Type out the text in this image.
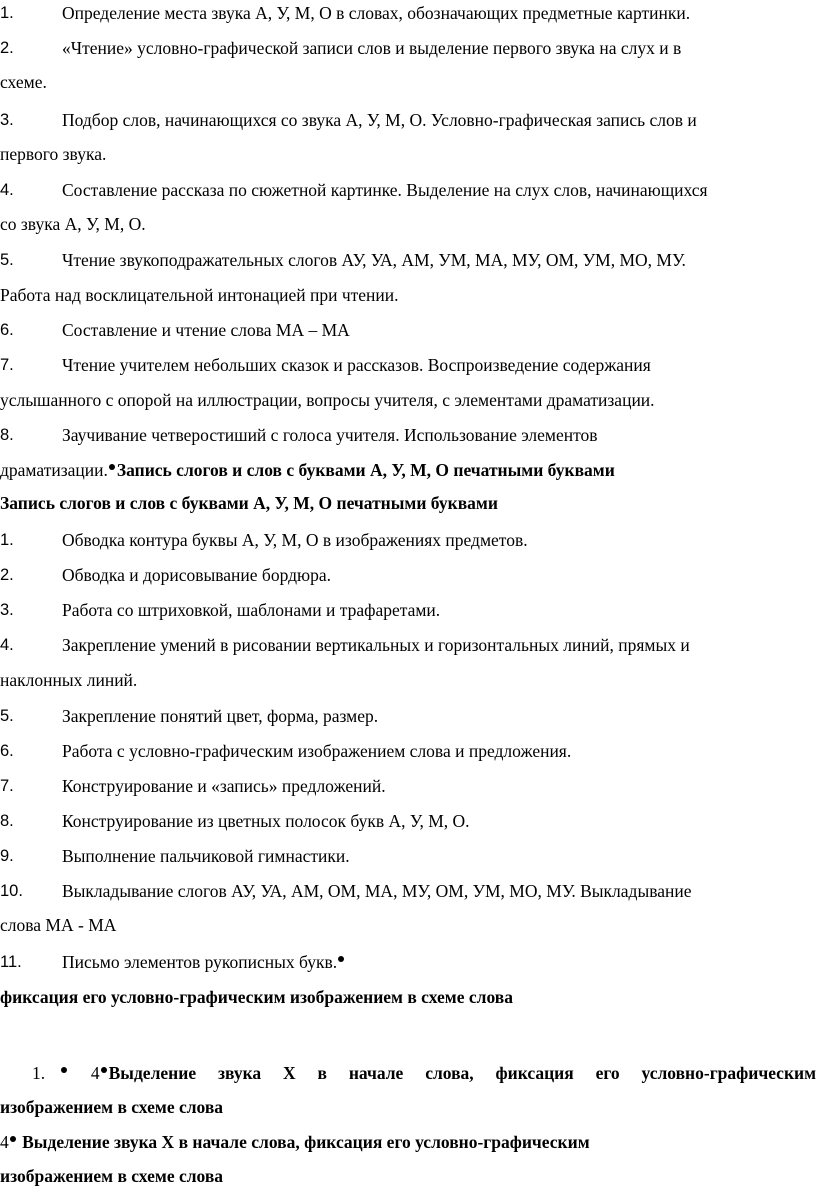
1.	Определение места звука А, У, М, О в словах, обозначающих предметные картинки.
2.	«Чтение» условно-графической записи слов и выделение первого звука на слух и в
схеме.
3.	Подбор слов, начинающихся со звука А, У, М, О. Условно-графическая запись слов и
первого звука.
4.	Составление рассказа по сюжетной картинке. Выделение на слух слов, начинающихся
со звука А, У, М, О.
5.	Чтение звукоподражательных слогов АУ, УА, АМ, УМ, МА, МУ, ОМ, УМ, МО, МУ.
Работа над восклицательной интонацией при чтении.
6.	Составление и чтение слова МА – МА
7.	Чтение учителем небольших сказок и рассказов. Воспроизведение содержания
услышанного с опорой на иллюстрации, вопросы учителя, с элементами драматизации.
8.	Заучивание четверостиший с голоса учителя. Использование элементов
драматизации. Запись слогов и слов с буквами А, У, М, О печатными буквами
Запись слогов и слов с буквами А, У, М, О печатными буквами
1.	Обводка контура буквы А, У, М, О в изображениях предметов.
2.	Обводка и дорисовывание бордюра.
3.	Работа со штриховкой, шаблонами и трафаретами.
4.	Закрепление умений в рисовании вертикальных и горизонтальных линий, прямых и
наклонных линий.
5.	Закрепление понятий цвет, форма, размер.
6.	Работа с условно-графическим изображением слова и предложения.
7.	Конструирование и «запись» предложений.
8.	Конструирование из цветных полосок букв А, У, М, О.
9.	Выполнение пальчиковой гимнастики.
10. Выкладывание слогов АУ, УА, АМ, ОМ, МА, МУ, ОМ, УМ, МО, МУ. Выкладывание
слова МА - МА
11. Письмо элементов рукописных букв.
фиксация его условно-графическим изображением в схеме слова
1.	4 Выделение звука Х в начале слова, фиксация его условно-графическим
изображением в схеме слова
4 Выделение звука Х в начале слова, фиксация его условно-графическим
изображением в схеме слова
